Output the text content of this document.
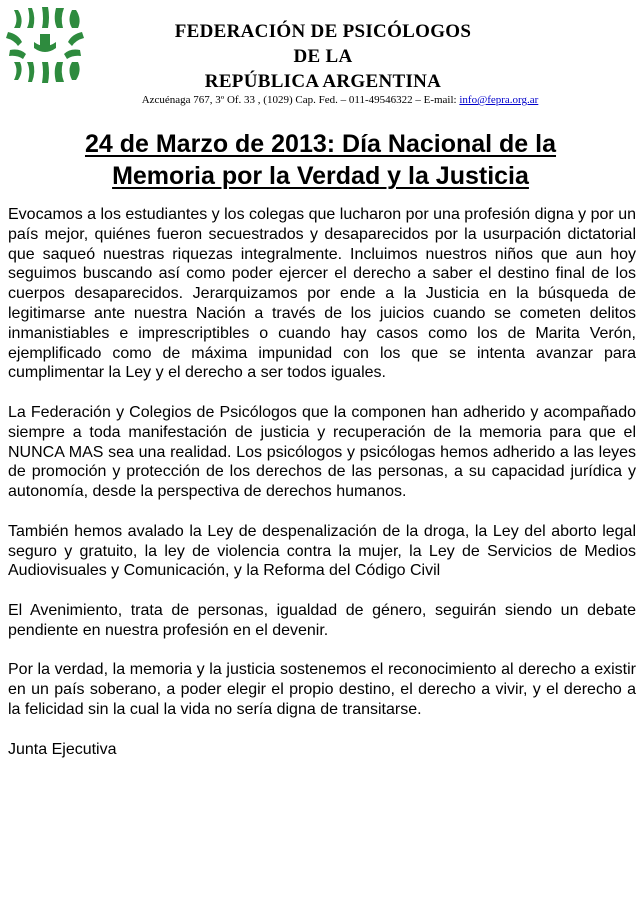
FEDERACIÓN DE PSICÓLOGOS
DE LA
REPÚBLICA ARGENTINA
Azcuénaga 767, 3º Of. 33 , (1029) Cap. Fed. – 011-49546322 – E-mail: info@fepra.org.ar
24 de Marzo de 2013: Día Nacional de la
Memoria por la Verdad y la Justicia

Evocamos a los estudiantes y los colegas que lucharon por una profesión digna y por un país mejor, quiénes fueron secuestrados y desaparecidos por la usurpación dictatorial que saqueó nuestras riquezas integralmente. Incluimos nuestros niños que aun hoy seguimos buscando así como poder ejercer el derecho a saber el destino final de los cuerpos desaparecidos. Jerarquizamos por ende a la Justicia en la búsqueda de legitimarse ante nuestra Nación a través de los juicios cuando se cometen delitos inmanistiables e imprescriptibles o cuando hay casos como los de Marita Verón, ejemplificado como de máxima impunidad con los que se intenta avanzar para cumplimentar la Ley y el derecho a ser todos iguales.

La Federación y Colegios de Psicólogos que la componen han adherido y acompañado siempre a toda manifestación de justicia y recuperación de la memoria para que el NUNCA MAS sea una realidad. Los psicólogos y psicólogas hemos adherido a las leyes de promoción y protección de los derechos de las personas, a su capacidad jurídica y autonomía, desde la perspectiva de derechos humanos.

También hemos avalado la Ley de despenalización de la droga, la Ley del aborto legal seguro y gratuito, la ley de violencia contra la mujer, la Ley de Servicios de Medios Audiovisuales y Comunicación, y la Reforma del Código Civil

El Avenimiento, trata de personas, igualdad de género, seguirán siendo un debate pendiente en nuestra profesión en el devenir.

Por la verdad, la memoria y la justicia sostenemos el reconocimiento al derecho a existir en un país soberano, a poder elegir el propio destino, el derecho a vivir, y el derecho a la felicidad sin la cual la vida no sería digna de transitarse.

Junta Ejecutiva
